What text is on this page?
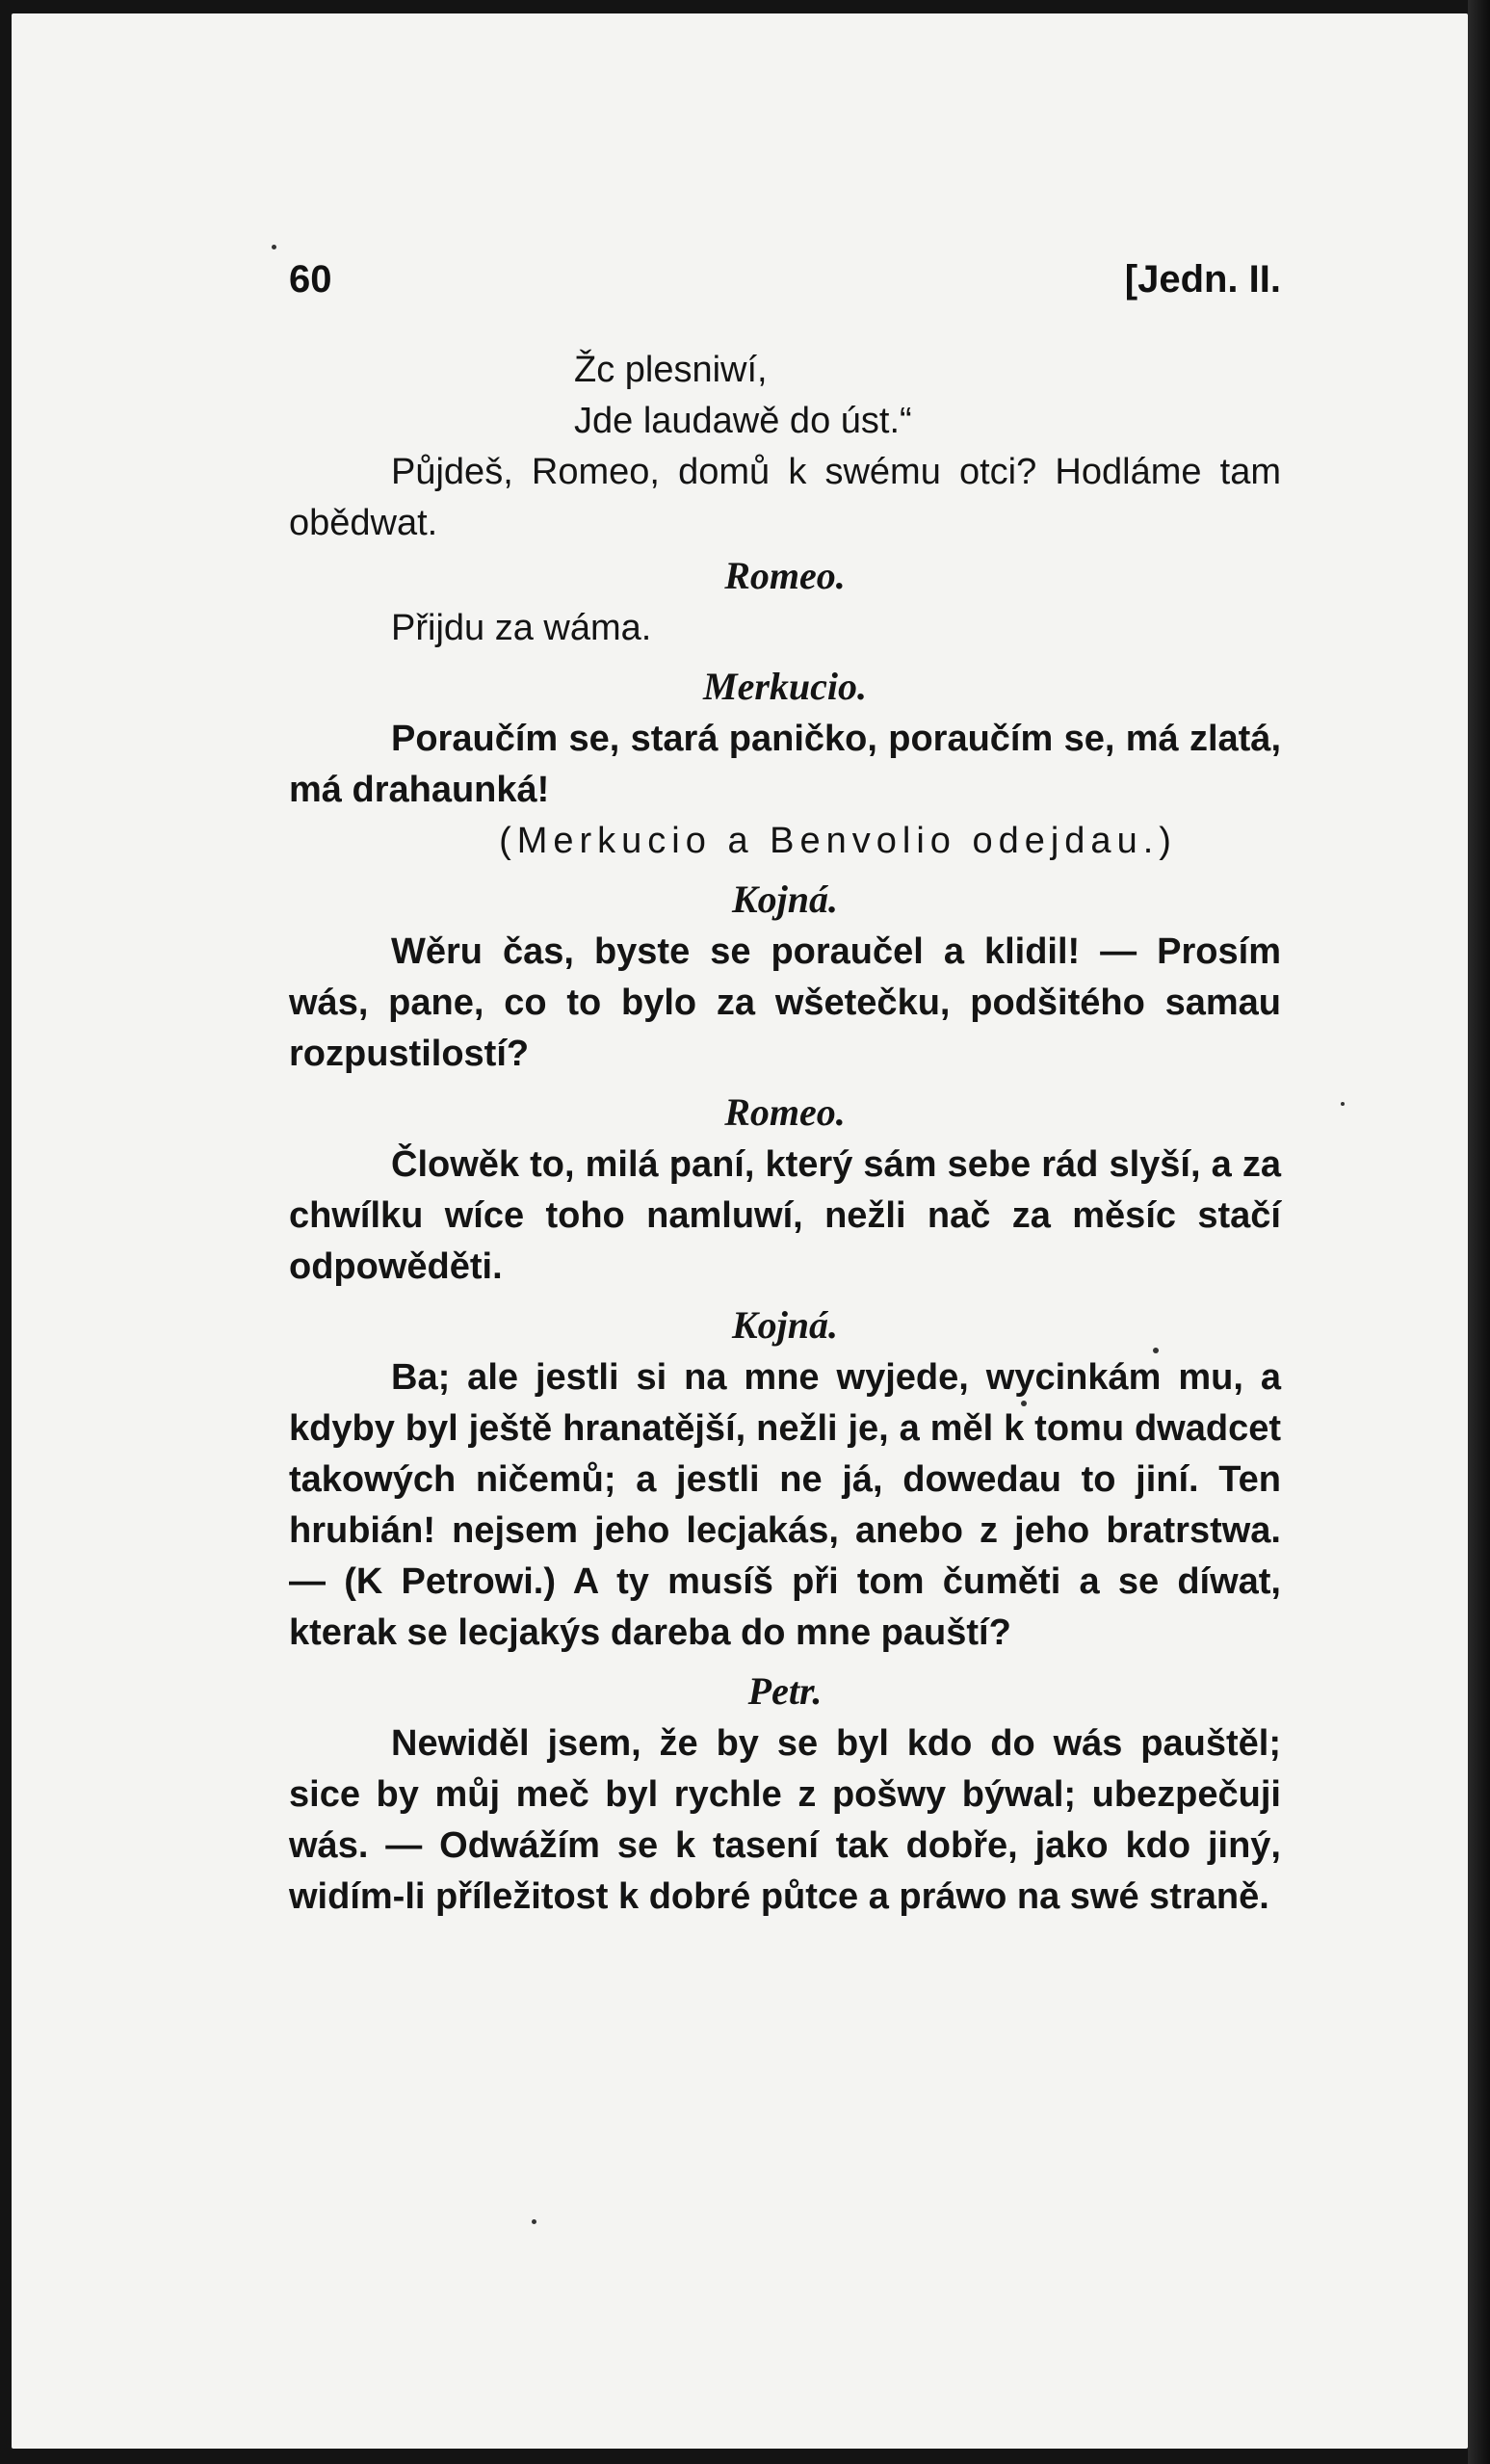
60	[Jedn. II.
Žc plesniwí,
Jde laudawě do úst.“

Půjdeš, Romeo, domů k swému otci? Hodláme tam obědwat.

Romeo.

Přijdu za wáma.

Merkucio.

Poraučím se, stará paničko, poraučím se, má zlatá, má drahaunká!

(Merkucio a Benvolio odejdau.)

Kojná.

Wěru čas, byste se poraučel a klidil! — Prosím wás, pane, co to bylo za wšetečku, podšitého samau rozpustilostí?

Romeo.

Člowěk to, milá paní, který sám sebe rád slyší, a za chwílku wíce toho namluwí, nežli nač za měsíc stačí odpowěděti.

Kojná.

Ba; ale jestli si na mne wyjede, wycinkám mu, a kdyby byl ještě hranatější, nežli je, a měl k tomu dwadcet takowých ničemů; a jestli ne já, dowedau to jiní. Ten hrubián! nejsem jeho lecjakás, anebo z jeho bratrstwa. — (K Petrowi.) A ty musíš při tom čuměti a se díwat, kterak se lecjakýs dareba do mne pauští?

Petr.

Newiděl jsem, že by se byl kdo do wás pauštěl; sice by můj meč byl rychle z pošwy býwal; ubezpečuji wás. — Odwážím se k tasení tak dobře, jako kdo jiný, widím-li příležitost k dobré půtce a práwo na swé straně.
